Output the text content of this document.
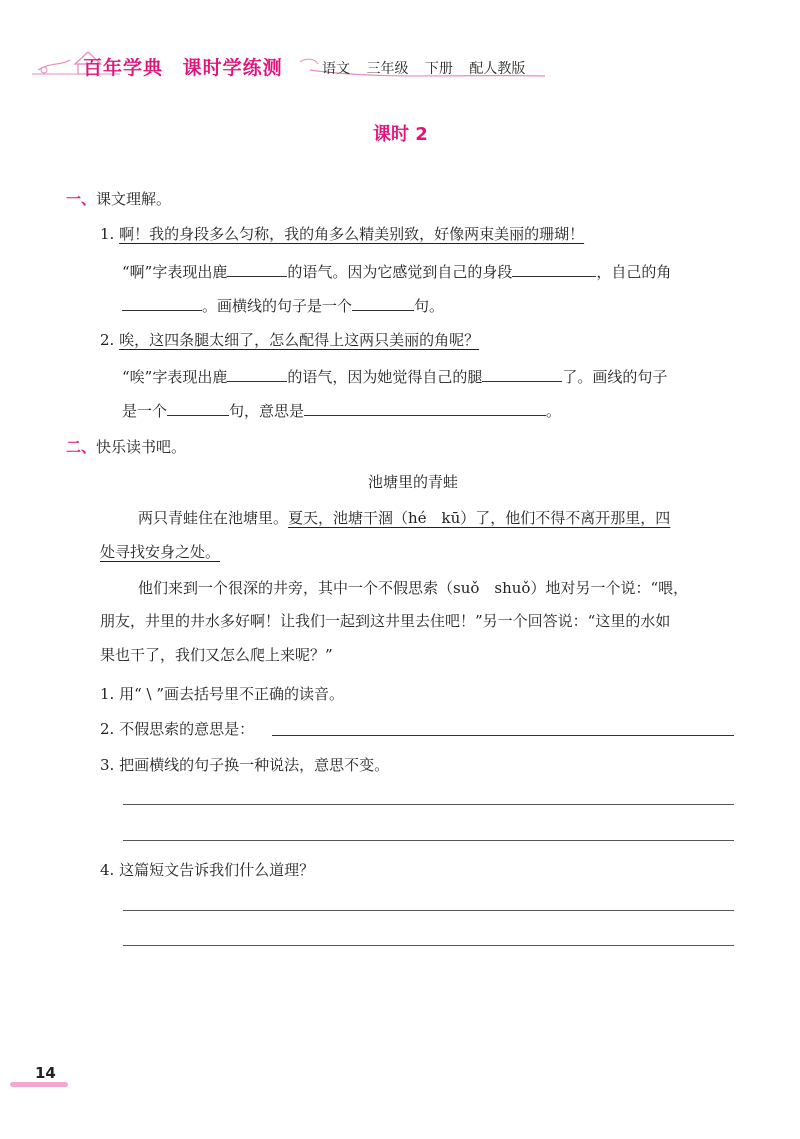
百年学典 课时学练测	语文 三年级 下册 配人教版
课时 2
一、课文理解。
1. 啊！我的身段多么匀称，我的角多么精美别致，好像两束美丽的珊瑚！
“啊”字表现出鹿	的语气。因为它感觉到自己的身段	，自己的角
。画横线的句子是一个	句。
2. 唉，这四条腿太细了，怎么配得上这两只美丽的角呢？
“唉”字表现出鹿	的语气，因为她觉得自己的腿	了。画线的句子
是一个	句，意思是	。
二、快乐读书吧。
池塘里的青蛙
两只青蛙住在池塘里。夏天，池塘干涸（hé　kū）了，他们不得不离开那里，四
处寻找安身之处。
他们来到一个很深的井旁，其中一个不假思索（suǒ　shuǒ）地对另一个说：“喂，
朋友，井里的井水多好啊！让我们一起到这井里去住吧！”另一个回答说：“这里的水如
果也干了，我们又怎么爬上来呢？”
1. 用“ \ ”画去括号里不正确的读音。
2. 不假思索的意思是：
3. 把画横线的句子换一种说法，意思不变。
4. 这篇短文告诉我们什么道理？
14
